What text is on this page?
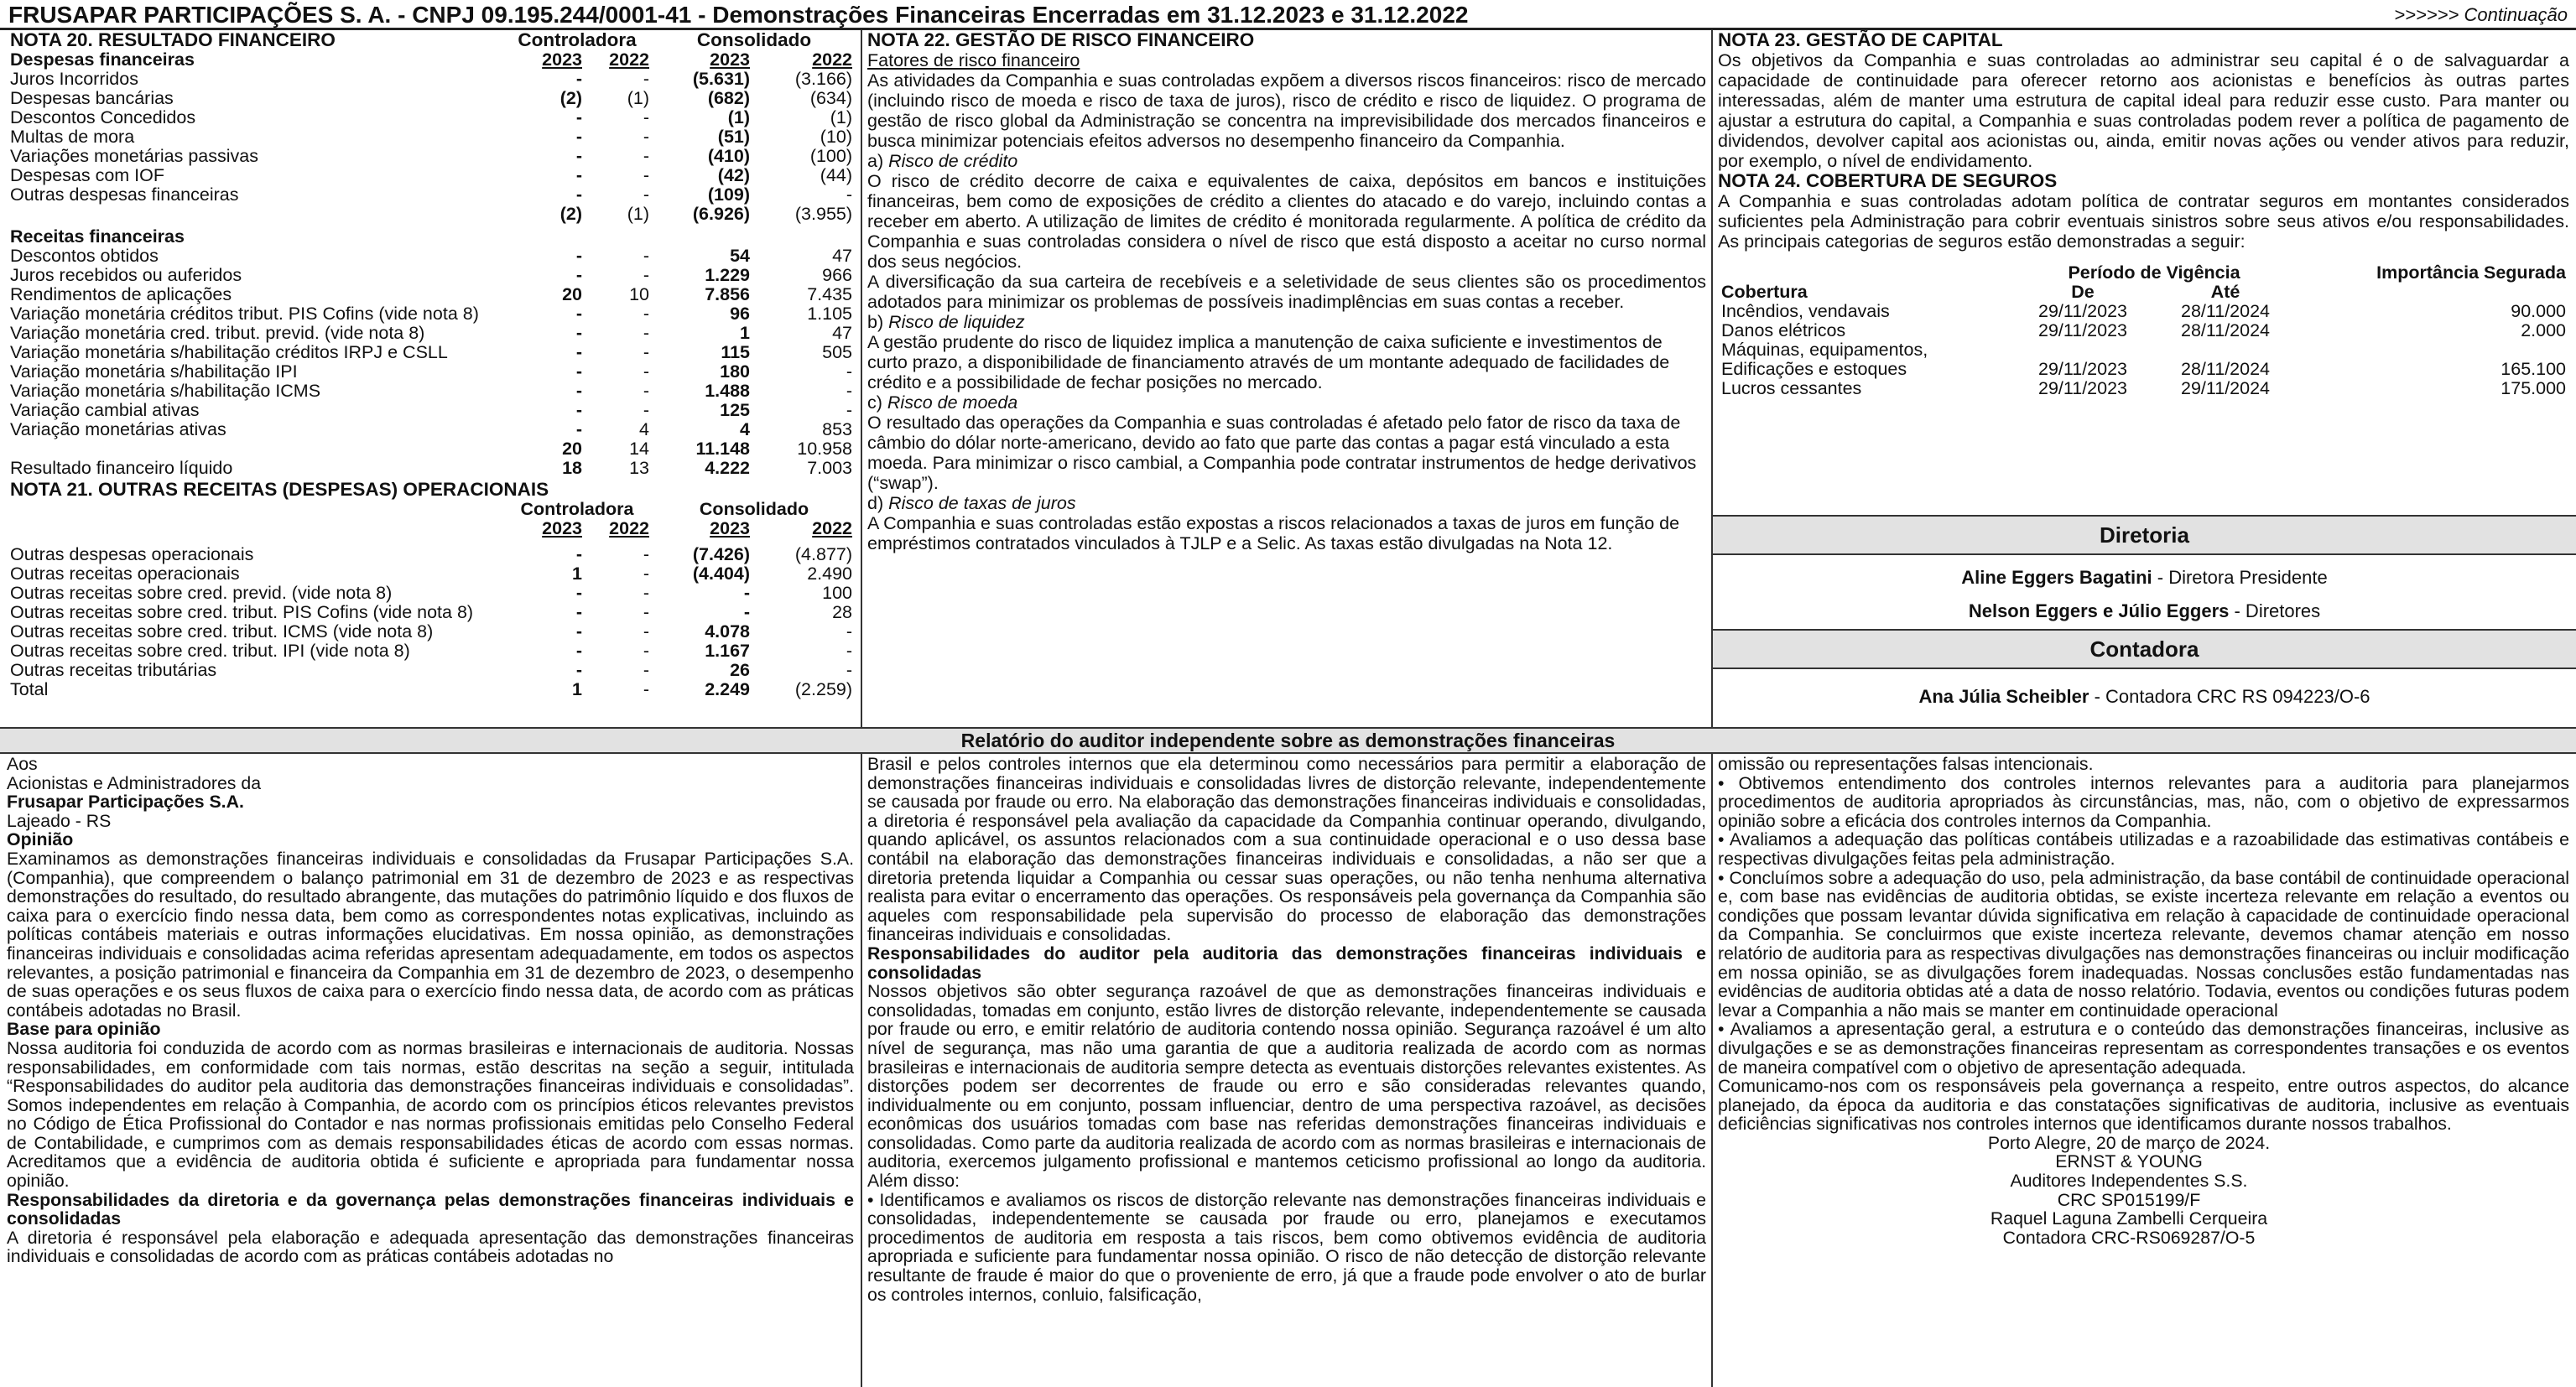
FRUSAPAR PARTICIPAÇÕES S. A. - CNPJ 09.195.244/0001-41 - Demonstrações Financeiras Encerradas em 31.12.2023 e 31.12.2022	>>>>>> Continuação
NOTA 20. RESULTADO FINANCEIRO	Controladora		Consolidado	
Despesas financeiras	2023	2022	2023	2022
Juros Incorridos	-	-	(5.631)	(3.166)
Despesas bancárias	(2)	(1)	(682)	(634)
Descontos Concedidos	-	-	(1)	(1)
Multas de mora	-	-	(51)	(10)
Variações monetárias passivas	-	-	(410)	(100)
Despesas com IOF	-	-	(42)	(44)
Outras despesas financeiras	-	-	(109)	-
	(2)	(1)	(6.926)	(3.955)
Receitas financeiras				
Descontos obtidos	-	-	54	47
Juros recebidos ou auferidos	-	-	1.229	966
Rendimentos de aplicações	20	10	7.856	7.435
Variação monetária créditos tribut. PIS Cofins (vide nota 8)	-	-	96	1.105
Variação monetária cred. tribut. previd. (vide nota 8)	-	-	1	47
Variação monetária s/habilitação créditos IRPJ e CSLL	-	-	115	505
Variação monetária s/habilitação IPI	-	-	180	-
Variação monetária s/habilitação ICMS	-	-	1.488	-
Variação cambial ativas	-	-	125	-
Variação monetárias ativas	-	4	4	853
	20	14	11.148	10.958
Resultado financeiro líquido	18	13	4.222	7.003
NOTA 21. OUTRAS RECEITAS (DESPESAS) OPERACIONAIS				
	Controladora		Consolidado	
	2023	2022	2023	2022

Outras despesas operacionais	-	-	(7.426)	(4.877)
Outras receitas operacionais	1	-	(4.404)	2.490
Outras receitas sobre cred. previd. (vide nota 8)	-	-	-	100
Outras receitas sobre cred. tribut. PIS Cofins (vide nota 8)	-	-	-	28
Outras receitas sobre cred. tribut. ICMS (vide nota 8)	-	-	4.078	-
Outras receitas sobre cred. tribut. IPI (vide nota 8)	-	-	1.167	-
Outras receitas tributárias	-	-	26	-
Total	1	-	2.249	(2.259)
NOTA 22. GESTÃO DE RISCO FINANCEIRO
Fatores de risco financeiro

As atividades da Companhia e suas controladas expõem a diversos riscos financeiros: risco de mercado (incluindo risco de moeda e risco de taxa de juros), risco de crédito e risco de liquidez. O programa de gestão de risco global da Administração se concentra na imprevisibilidade dos mercados financeiros e busca minimizar potenciais efeitos adversos no desempenho financeiro da Companhia.

a) Risco de crédito

O risco de crédito decorre de caixa e equivalentes de caixa, depósitos em bancos e instituições financeiras, bem como de exposições de crédito a clientes do atacado e do varejo, incluindo contas a receber em aberto. A utilização de limites de crédito é monitorada regularmente. A política de crédito da Companhia e suas controladas considera o nível de risco que está disposto a aceitar no curso normal dos seus negócios.

A diversificação da sua carteira de recebíveis e a seletividade de seus clientes são os procedimentos adotados para minimizar os problemas de possíveis inadimplências em suas contas a receber.

b) Risco de liquidez

A gestão prudente do risco de liquidez implica a manutenção de caixa suficiente e investimentos de curto prazo, a disponibilidade de financiamento através de um montante adequado de facilidades de crédito e a possibilidade de fechar posições no mercado.

c) Risco de moeda

O resultado das operações da Companhia e suas controladas é afetado pelo fator de risco da taxa de câmbio do dólar norte-americano, devido ao fato que parte das contas a pagar está vinculado a esta moeda. Para minimizar o risco cambial, a Companhia pode contratar instrumentos de hedge derivativos (“swap”).

d) Risco de taxas de juros

A Companhia e suas controladas estão expostas a riscos relacionados a taxas de juros em função de empréstimos contratados vinculados à TJLP e a Selic. As taxas estão divulgadas na Nota 12.

NOTA 23. GESTÃO DE CAPITAL

Os objetivos da Companhia e suas controladas ao administrar seu capital é o de salvaguardar a capacidade de continuidade para oferecer retorno aos acionistas e benefícios às outras partes interessadas, além de manter uma estrutura de capital ideal para reduzir esse custo. Para manter ou ajustar a estrutura do capital, a Companhia e suas controladas podem rever a política de pagamento de dividendos, devolver capital aos acionistas ou, ainda, emitir novas ações ou vender ativos para reduzir, por exemplo, o nível de endividamento.

NOTA 24. COBERTURA DE SEGUROS

A Companhia e suas controladas adotam política de contratar seguros em montantes considerados suficientes pela Administração para cobrir eventuais sinistros sobre seus ativos e/ou responsabilidades. As principais categorias de seguros estão demonstradas a seguir:

	Período de Vigência		Importância Segurada
Cobertura	De	Até	
Incêndios, vendavais	29/11/2023	28/11/2024	90.000
Danos elétricos	29/11/2023	28/11/2024	2.000
Máquinas, equipamentos,
Edificações e estoques	29/11/2023	28/11/2024	165.100
Lucros cessantes	29/11/2023	29/11/2024	175.000
Diretoria
Aline Eggers Bagatini - Diretora Presidente
Nelson Eggers e Júlio Eggers - Diretores
Contadora
Ana Júlia Scheibler - Contadora CRC RS 094223/O-6
Relatório do auditor independente sobre as demonstrações financeiras
Aos
Acionistas e Administradores da
Frusapar Participações S.A.
Lajeado - RS
Opinião

Examinamos as demonstrações financeiras individuais e consolidadas da Frusapar Participações S.A. (Companhia), que compreendem o balanço patrimonial em 31 de dezembro de 2023 e as respectivas demonstrações do resultado, do resultado abrangente, das mutações do patrimônio líquido e dos fluxos de caixa para o exercício findo nessa data, bem como as correspondentes notas explicativas, incluindo as políticas contábeis materiais e outras informações elucidativas. Em nossa opinião, as demonstrações financeiras individuais e consolidadas acima referidas apresentam adequadamente, em todos os aspectos relevantes, a posição patrimonial e financeira da Companhia em 31 de dezembro de 2023, o desempenho de suas operações e os seus fluxos de caixa para o exercício findo nessa data, de acordo com as práticas contábeis adotadas no Brasil.

Base para opinião

Nossa auditoria foi conduzida de acordo com as normas brasileiras e internacionais de auditoria. Nossas responsabilidades, em conformidade com tais normas, estão descritas na seção a seguir, intitulada “Responsabilidades do auditor pela auditoria das demonstrações financeiras individuais e consolidadas”. Somos independentes em relação à Companhia, de acordo com os princípios éticos relevantes previstos no Código de Ética Profissional do Contador e nas normas profissionais emitidas pelo Conselho Federal de Contabilidade, e cumprimos com as demais responsabilidades éticas de acordo com essas normas. Acreditamos que a evidência de auditoria obtida é suficiente e apropriada para fundamentar nossa opinião.

Responsabilidades da diretoria e da governança pelas demonstrações financeiras individuais e consolidadas

A diretoria é responsável pela elaboração e adequada apresentação das demonstrações financeiras individuais e consolidadas de acordo com as práticas contábeis adotadas no

Brasil e pelos controles internos que ela determinou como necessários para permitir a elaboração de demonstrações financeiras individuais e consolidadas livres de distorção relevante, independentemente se causada por fraude ou erro. Na elaboração das demonstrações financeiras individuais e consolidadas, a diretoria é responsável pela avaliação da capacidade da Companhia continuar operando, divulgando, quando aplicável, os assuntos relacionados com a sua continuidade operacional e o uso dessa base contábil na elaboração das demonstrações financeiras individuais e consolidadas, a não ser que a diretoria pretenda liquidar a Companhia ou cessar suas operações, ou não tenha nenhuma alternativa realista para evitar o encerramento das operações. Os responsáveis pela governança da Companhia são aqueles com responsabilidade pela supervisão do processo de elaboração das demonstrações financeiras individuais e consolidadas.

Responsabilidades do auditor pela auditoria das demonstrações financeiras individuais e consolidadas

Nossos objetivos são obter segurança razoável de que as demonstrações financeiras individuais e consolidadas, tomadas em conjunto, estão livres de distorção relevante, independentemente se causada por fraude ou erro, e emitir relatório de auditoria contendo nossa opinião. Segurança razoável é um alto nível de segurança, mas não uma garantia de que a auditoria realizada de acordo com as normas brasileiras e internacionais de auditoria sempre detecta as eventuais distorções relevantes existentes. As distorções podem ser decorrentes de fraude ou erro e são consideradas relevantes quando, individualmente ou em conjunto, possam influenciar, dentro de uma perspectiva razoável, as decisões econômicas dos usuários tomadas com base nas referidas demonstrações financeiras individuais e consolidadas. Como parte da auditoria realizada de acordo com as normas brasileiras e internacionais de auditoria, exercemos julgamento profissional e mantemos ceticismo profissional ao longo da auditoria. Além disso:

• Identificamos e avaliamos os riscos de distorção relevante nas demonstrações financeiras individuais e consolidadas, independentemente se causada por fraude ou erro, planejamos e executamos procedimentos de auditoria em resposta a tais riscos, bem como obtivemos evidência de auditoria apropriada e suficiente para fundamentar nossa opinião. O risco de não detecção de distorção relevante resultante de fraude é maior do que o proveniente de erro, já que a fraude pode envolver o ato de burlar os controles internos, conluio, falsificação,

omissão ou representações falsas intencionais.

• Obtivemos entendimento dos controles internos relevantes para a auditoria para planejarmos procedimentos de auditoria apropriados às circunstâncias, mas, não, com o objetivo de expressarmos opinião sobre a eficácia dos controles internos da Companhia.

• Avaliamos a adequação das políticas contábeis utilizadas e a razoabilidade das estimativas contábeis e respectivas divulgações feitas pela administração.

• Concluímos sobre a adequação do uso, pela administração, da base contábil de continuidade operacional e, com base nas evidências de auditoria obtidas, se existe incerteza relevante em relação a eventos ou condições que possam levantar dúvida significativa em relação à capacidade de continuidade operacional da Companhia. Se concluirmos que existe incerteza relevante, devemos chamar atenção em nosso relatório de auditoria para as respectivas divulgações nas demonstrações financeiras ou incluir modificação em nossa opinião, se as divulgações forem inadequadas. Nossas conclusões estão fundamentadas nas evidências de auditoria obtidas até a data de nosso relatório. Todavia, eventos ou condições futuras podem levar a Companhia a não mais se manter em continuidade operacional

• Avaliamos a apresentação geral, a estrutura e o conteúdo das demonstrações financeiras, inclusive as divulgações e se as demonstrações financeiras representam as correspondentes transações e os eventos de maneira compatível com o objetivo de apresentação adequada.

Comunicamo-nos com os responsáveis pela governança a respeito, entre outros aspectos, do alcance planejado, da época da auditoria e das constatações significativas de auditoria, inclusive as eventuais deficiências significativas nos controles internos que identificamos durante nossos trabalhos.

Porto Alegre, 20 de março de 2024.
ERNST & YOUNG
Auditores Independentes S.S.
CRC SP015199/F
Raquel Laguna Zambelli Cerqueira
Contadora CRC-RS069287/O-5
